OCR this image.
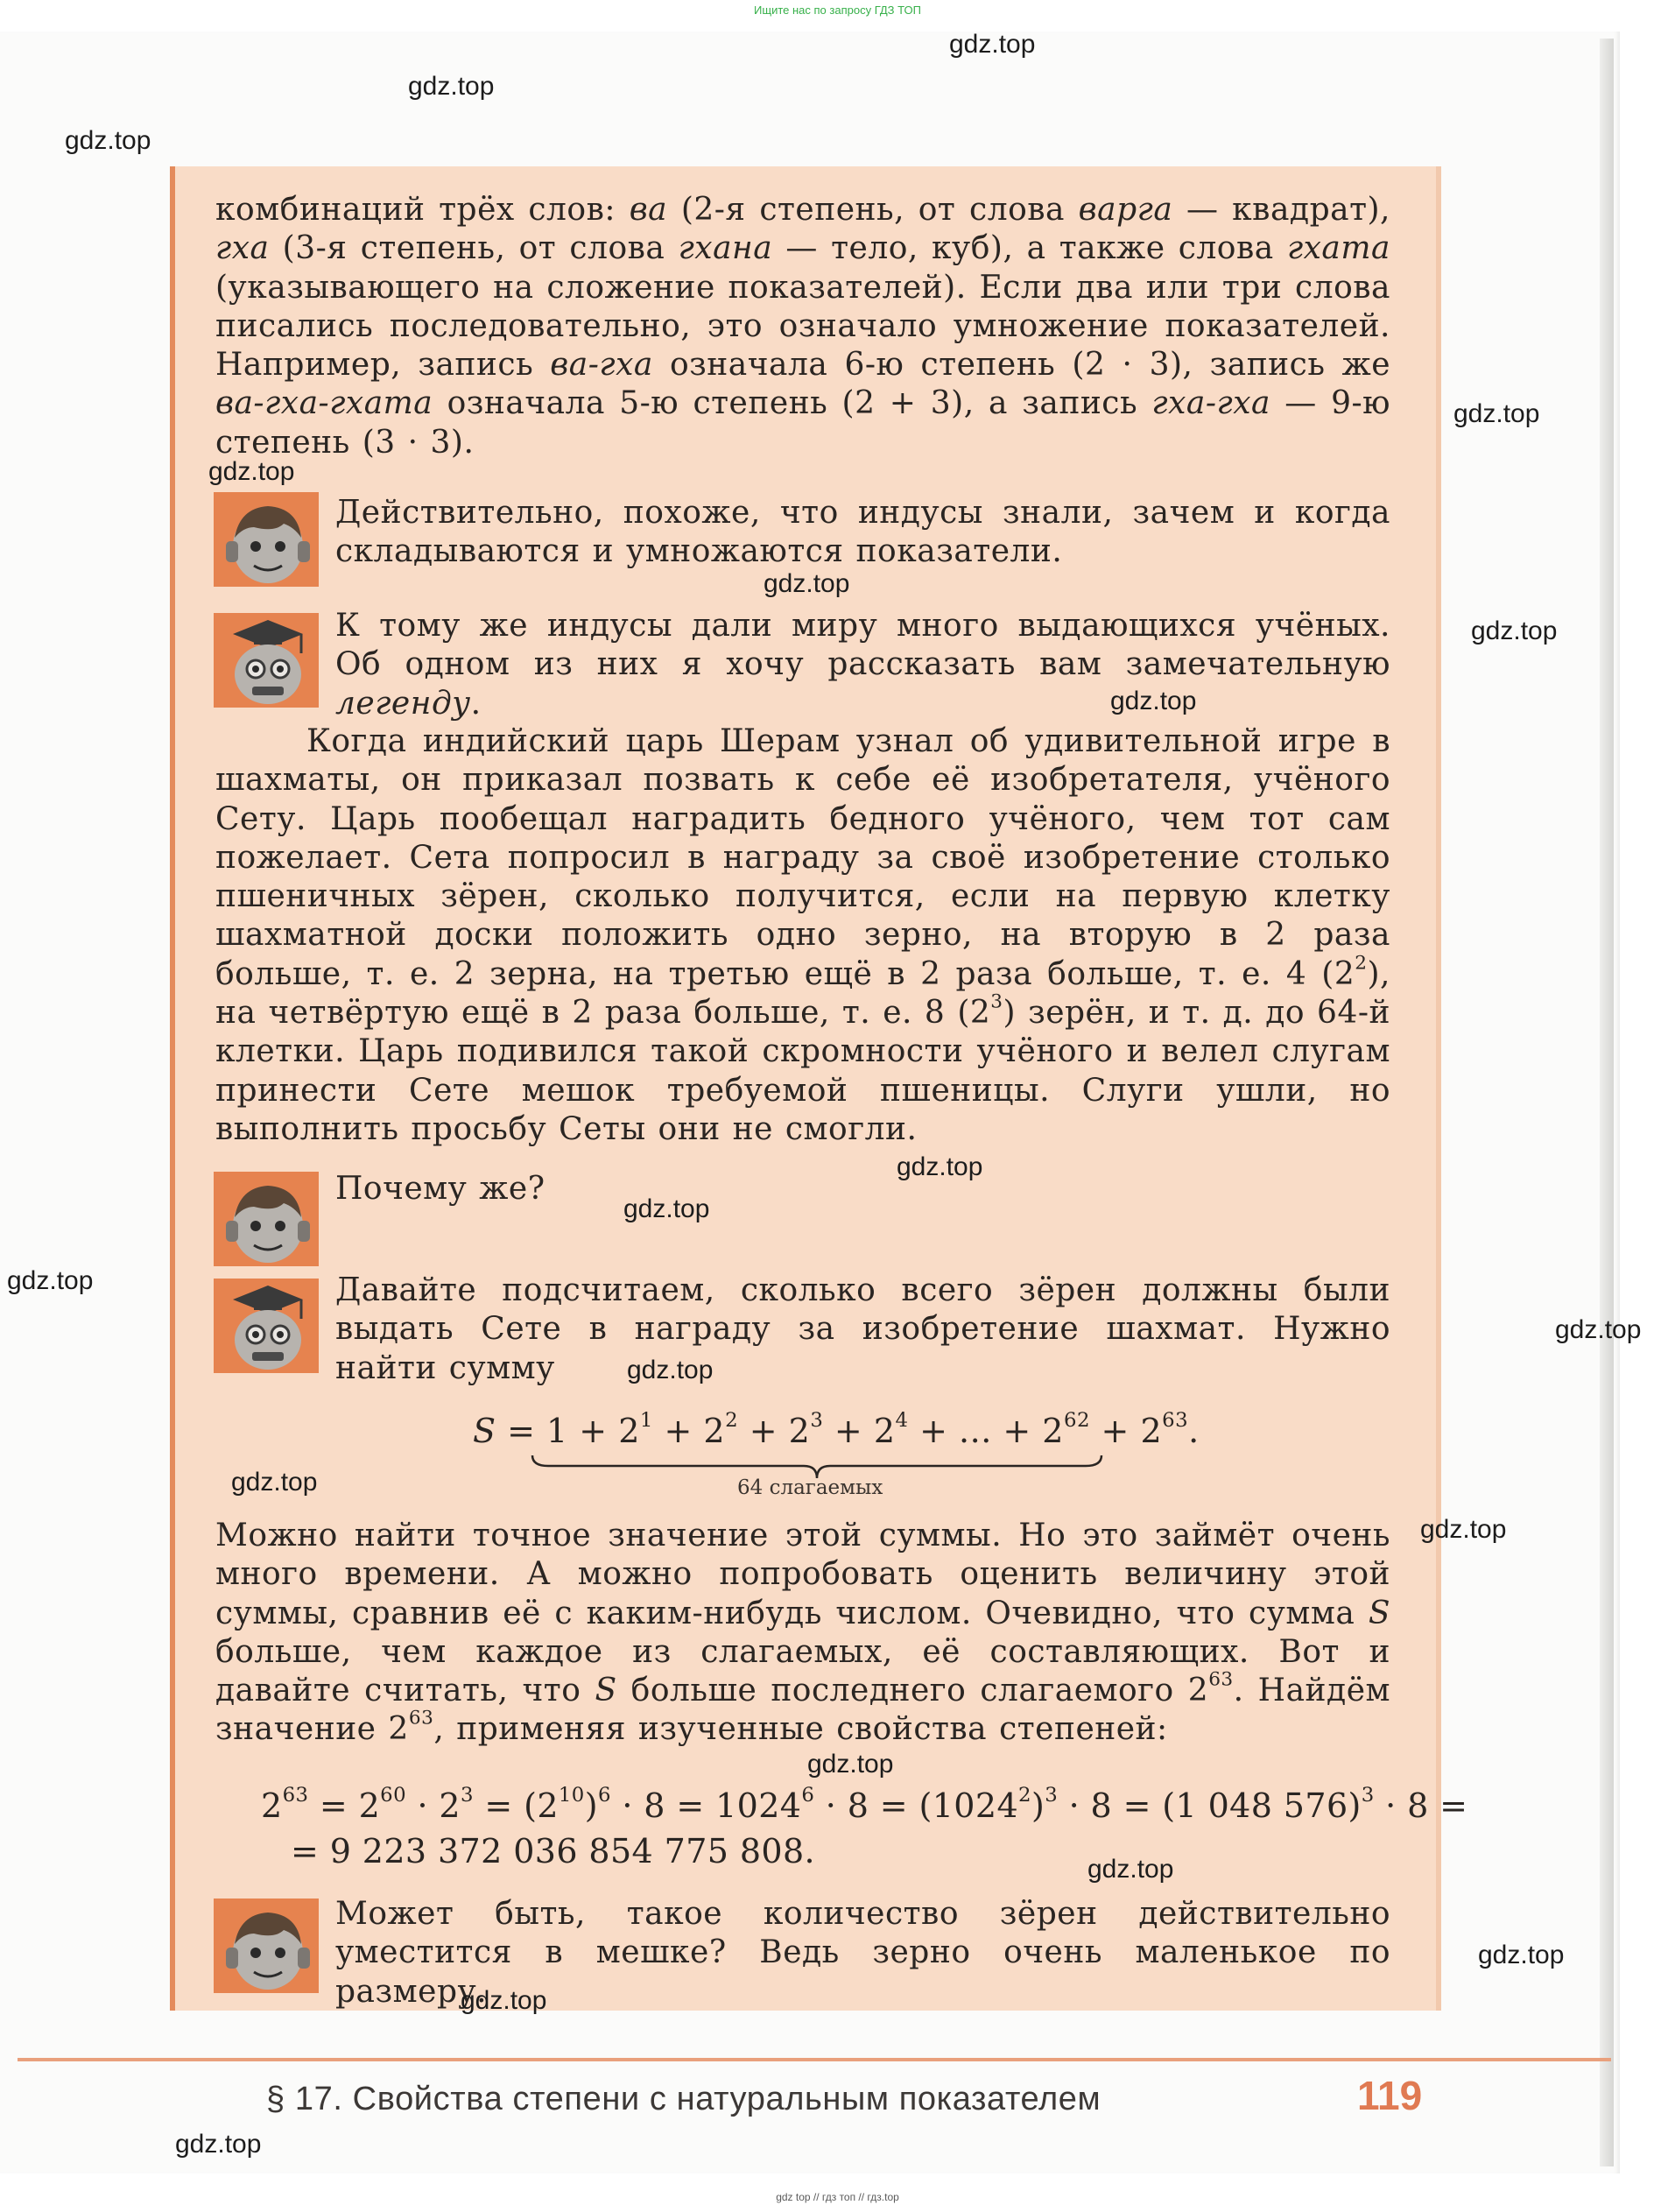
Ищите нас по запросу ГДЗ ТОП
комбинаций трёх слов: ва (2-я степень, от слова варга — квадрат), гха (3-я степень, от слова гхана — тело, куб), а также слова гхата (указывающего на сложение показателей). Если два или три слова писались последовательно, это означало умножение показателей. Например, запись ва-гха означала 6-ю степень (2 · 3), запись же ва-гха-гхата означала 5-ю степень (2 + 3), а запись гха-гха — 9-ю степень (3 · 3).
Действительно, похоже, что индусы знали, зачем и когда складываются и умножаются показатели.
К тому же индусы дали миру много выдающихся учёных. Об одном из них я хочу рассказать вам замечательную легенду.
Когда индийский царь Шерам узнал об удивительной игре в шахматы, он приказал позвать к себе её изобретателя, учёного Сету. Царь пообещал наградить бедного учёного, чем тот сам пожелает. Сета попросил в награду за своё изобретение столько пшеничных зёрен, сколько получится, если на первую клетку шахматной доски положить одно зерно, на вторую в 2 раза больше, т. е. 2 зерна, на третью ещё в 2 раза больше, т. е. 4 $(2^2)$, на четвёртую ещё в 2 раза больше, т. е. 8 $(2^3)$ зерён, и т. д. до 64-й клетки. Царь подивился такой скромности учёного и велел слугам принести Сете мешок требуемой пшеницы. Слуги ушли, но выполнить просьбу Сеты они не смогли.
Почему же?
Давайте подсчитаем, сколько всего зёрен должны были выдать Сете в награду за изобретение шахмат. Нужно найти сумму
$S = 1 + 2^1 + 2^2 + 2^3 + 2^4$ + ... + $2^{62} + 2^{63}$.
64 слагаемых
Можно найти точное значение этой суммы. Но это займёт очень много времени. А можно попробовать оценить величину этой суммы, сравнив её с каким-нибудь числом. Очевидно, что сумма S больше, чем каждое из слагаемых, её составляющих. Вот и давайте считать, что S больше последнего слагаемого $2^{63}$. Найдём значение $2^{63}$, применяя изученные свойства степеней:
$2^{63} = 2^{60} \cdot 2^3 = (2^{10})^6 \cdot 8 = 1024^6 \cdot 8 = (1024^2)^3 \cdot 8 = (1$ 048 576)$^3$ · 8 =
= 9 223 372 036 854 775 808.
Может быть, такое количество зёрен действительно уместится в мешке? Ведь зерно очень маленькое по размеру.
§ 17. Свойства степени с натуральным показателем	119
gdz top // гдз топ // гдз.top
gdz.top
gdz.top
gdz.top
gdz.top
gdz.top
gdz.top
gdz.top
gdz.top
gdz.top
gdz.top
gdz.top
gdz.top
gdz.top
gdz.top
gdz.top
gdz.top
gdz.top
gdz.top
gdz.top
gdz.top
